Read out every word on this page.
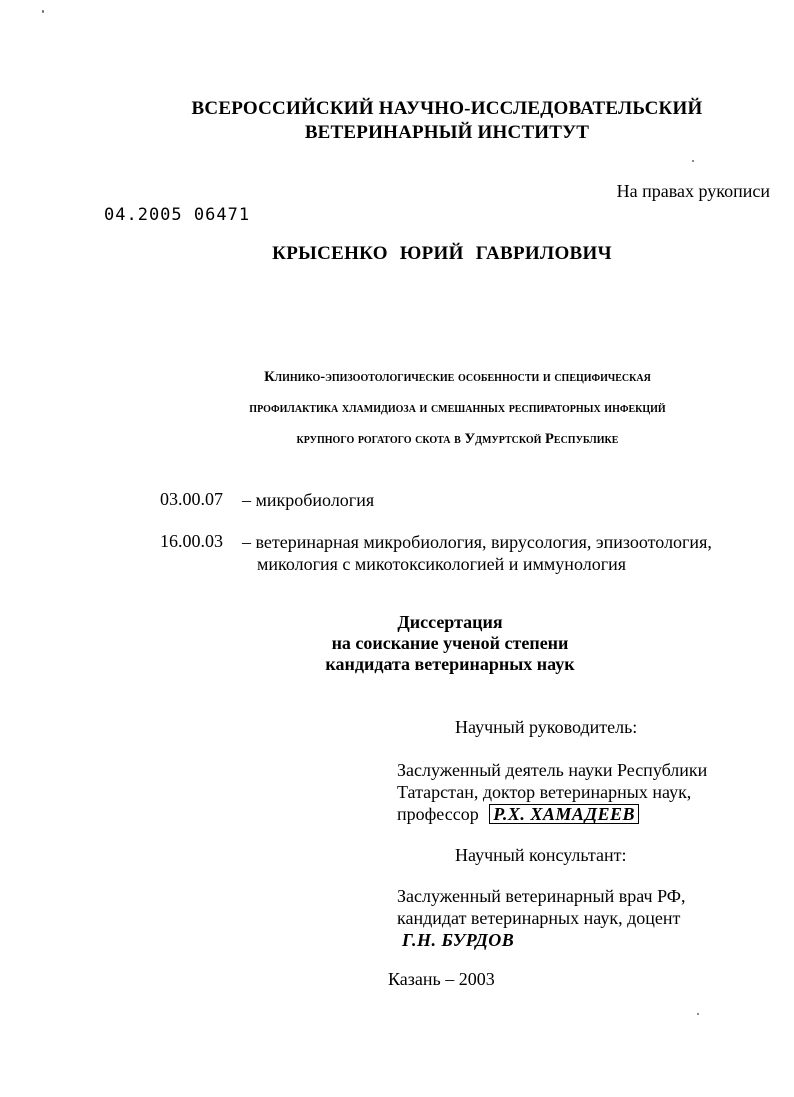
ВСЕРОССИЙСКИЙ НАУЧНО-ИССЛЕДОВАТЕЛЬСКИЙ
ВЕТЕРИНАРНЫЙ ИНСТИТУТ
На правах рукописи
04.2005 06471
КРЫСЕНКО ЮРИЙ ГАВРИЛОВИЧ
Клинико-эпизоотологические особенности и специфическая
профилактика хламидиоза и смешанных респираторных инфекций
крупного рогатого скота в Удмуртской Республике
03.00.07 – микробиология
16.00.03 – ветеринарная микробиология, вирусология, эпизоотология,
микология с микотоксикологией и иммунология
Диссертация
на соискание ученой степени
кандидата ветеринарных наук
Научный руководитель:
Заслуженный деятель науки Республики
Татарстан, доктор ветеринарных наук,
профессор Р.Х. ХАМАДЕЕВ
Научный консультант:
Заслуженный ветеринарный врач РФ,
кандидат ветеринарных наук, доцент
Г.Н. БУРДОВ
Казань – 2003
